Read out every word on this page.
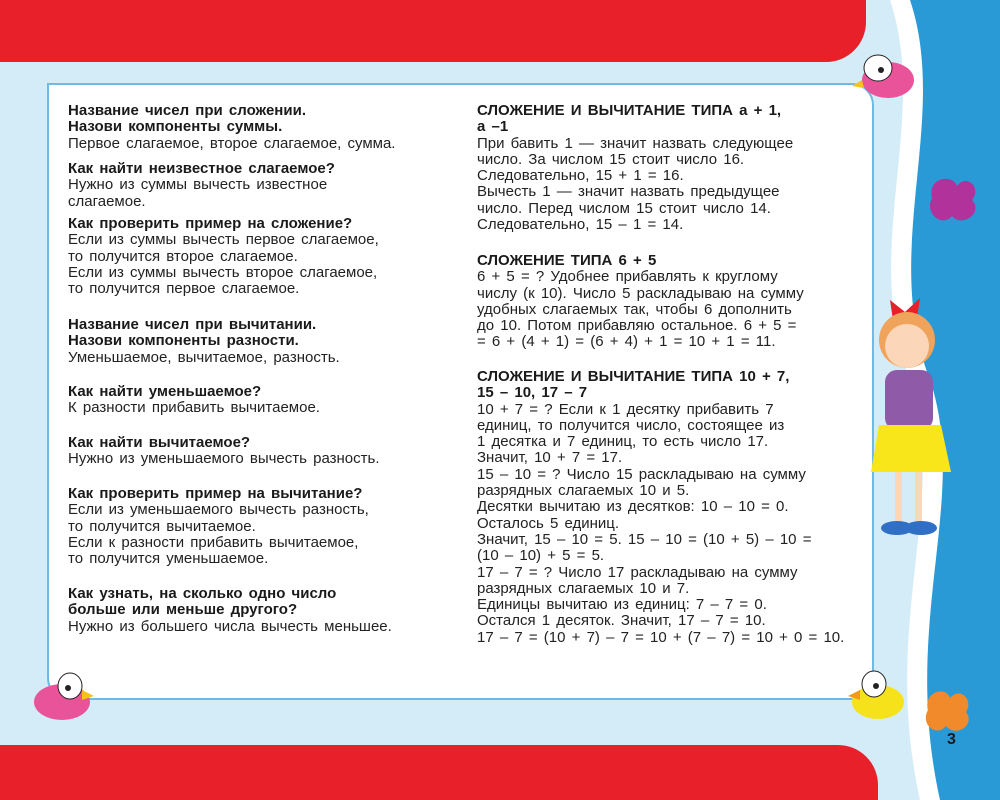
Название чисел при сложении.
Назови компоненты суммы.
Первое слагаемое, второе слагаемое, сумма.
Как найти неизвестное слагаемое?
Нужно из суммы вычесть известное
слагаемое.
Как проверить пример на сложение?
Если из суммы вычесть первое слагаемое,
то получится второе слагаемое.
Если из суммы вычесть второе слагаемое,
то получится первое слагаемое.
Название чисел при вычитании.
Назови компоненты разности.
Уменьшаемое, вычитаемое, разность.
Как найти уменьшаемое?
К разности прибавить вычитаемое.
Как найти вычитаемое?
Нужно из уменьшаемого вычесть разность.
Как проверить пример на вычитание?
Если из уменьшаемого вычесть разность,
то получится вычитаемое.
Если к разности прибавить вычитаемое,
то получится уменьшаемое.
Как узнать, на сколько одно число
больше или меньше другого?
Нужно из большего числа вычесть меньшее.
СЛОЖЕНИЕ И ВЫЧИТАНИЕ ТИПА а + 1,
а –1
При бавить 1 — значит назвать следующее
число. За числом 15 стоит число 16.
Следовательно, 15 + 1 = 16.
Вычесть 1 — значит назвать предыдущее
число. Перед числом 15 стоит число 14.
Следовательно, 15 – 1 = 14.
СЛОЖЕНИЕ ТИПА 6 + 5
6 + 5 = ? Удобнее прибавлять к круглому
числу (к 10). Число 5 раскладываю на сумму
удобных слагаемых так, чтобы 6 дополнить
до 10. Потом прибавляю остальное. 6 + 5 =
= 6 + (4 + 1) = (6 + 4) + 1 = 10 + 1 = 11.
СЛОЖЕНИЕ И ВЫЧИТАНИЕ ТИПА 10 + 7,
15 – 10, 17 – 7
10 + 7 = ? Если к 1 десятку прибавить 7
единиц, то получится число, состоящее из
1 десятка и 7 единиц, то есть число 17.
Значит, 10 + 7 = 17.
15 – 10 = ? Число 15 раскладываю на сумму
разрядных слагаемых 10 и 5.
Десятки вычитаю из десятков: 10 – 10 = 0.
Осталось 5 единиц.
Значит, 15 – 10 = 5. 15 – 10 = (10 + 5) – 10 =
(10 – 10) + 5 = 5.
17 – 7 = ? Число 17 раскладываю на сумму
разрядных слагаемых 10 и 7.
Единицы вычитаю из единиц: 7 – 7 = 0.
Остался 1 десяток. Значит, 17 – 7 = 10.
17 – 7 = (10 + 7) – 7 = 10 + (7 – 7) = 10 + 0 = 10.
3
